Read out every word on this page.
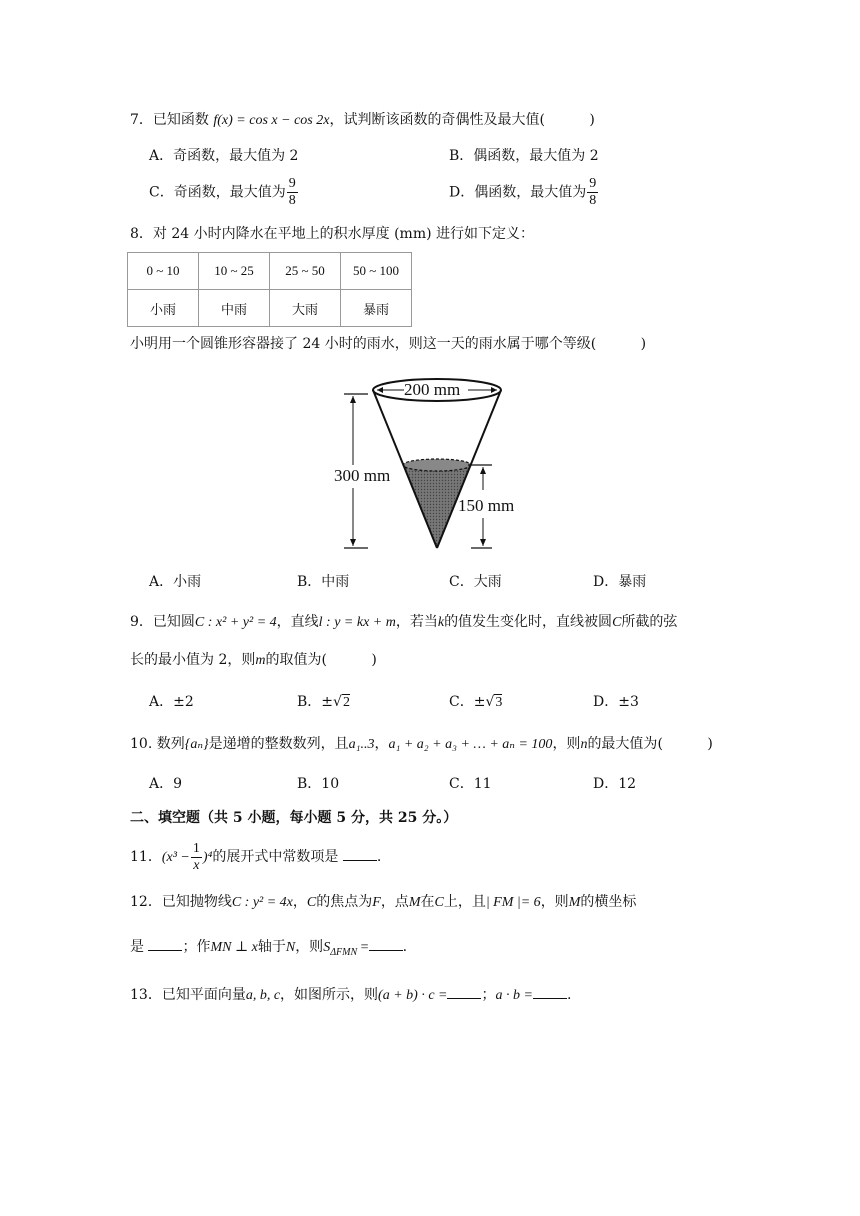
7．已知函数 f(x) = cos x − cos 2x，试判断该函数的奇偶性及最大值(	)
A．奇函数，最大值为 2	B．偶函数，最大值为 2
C．奇函数，最大值为 $\frac{9}{8}$	D．偶函数，最大值为 $\frac{9}{8}$
8．对 24 小时内降水在平地上的积水厚度 (mm) 进行如下定义：
0 ~ 10	10 ~ 25	25 ~ 50	50 ~ 100
小雨	中雨	大雨	暴雨
小明用一个圆锥形容器接了 24 小时的雨水，则这一天的雨水属于哪个等级(	)
200 mm
300 mm
150 mm
A．小雨	B．中雨	C．大雨	D．暴雨
9．已知圆C : x² + y² = 4，直线l : y = kx + m，若当k的值发生变化时，直线被圆C所截的弦
长的最小值为 2，则m的取值为(	)
A．±2	B．±√2	C．±√3	D．±3
10. 数列{aₙ}是递增的整数数列，且a₁..3，a₁ + a₂ + a₃ + … + aₙ = 100，则n的最大值为(	)
A．9	B．10	C．11	D．12
二、填空题（共 5 小题，每小题 5 分，共 25 分。）
11．$(x^3 - \frac{1}{x} )^4$的展开式中常数项是	.
12．已知抛物线C : y² = 4x，C的焦点为F，点M在C上，且| FM |= 6，则M的横坐标
是	；作MN ⊥ x轴于N，则$S_{\Delta FMN}$ = .
13．已知平面向量a, b, c，如图所示，则(a + b) · c = ；a · b = .
